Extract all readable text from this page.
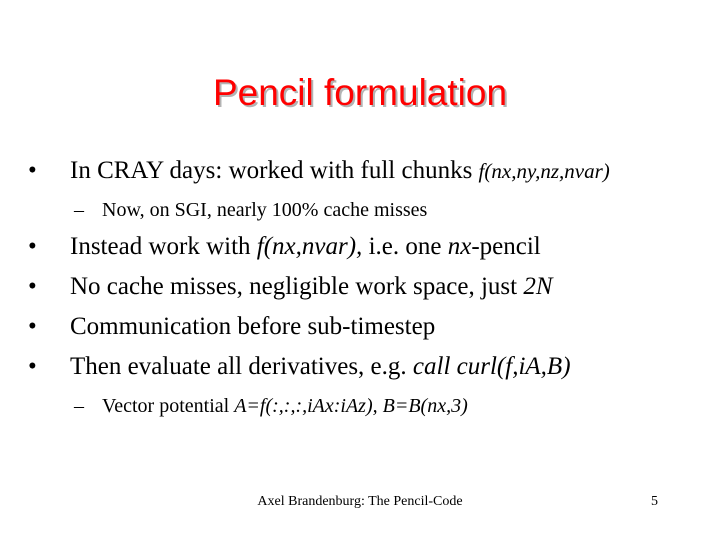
Pencil formulation
• In CRAY days: worked with full chunks f(nx,ny,nz,nvar)
– Now, on SGI, nearly 100% cache misses
• Instead work with f(nx,nvar), i.e. one nx-pencil
• No cache misses, negligible work space, just 2N
• Communication before sub-timestep
• Then evaluate all derivatives, e.g. call curl(f,iA,B)
– Vector potential A=f(:,:,:,iAx:iAz), B=B(nx,3)
Axel Brandenburg: The Pencil-Code	5
